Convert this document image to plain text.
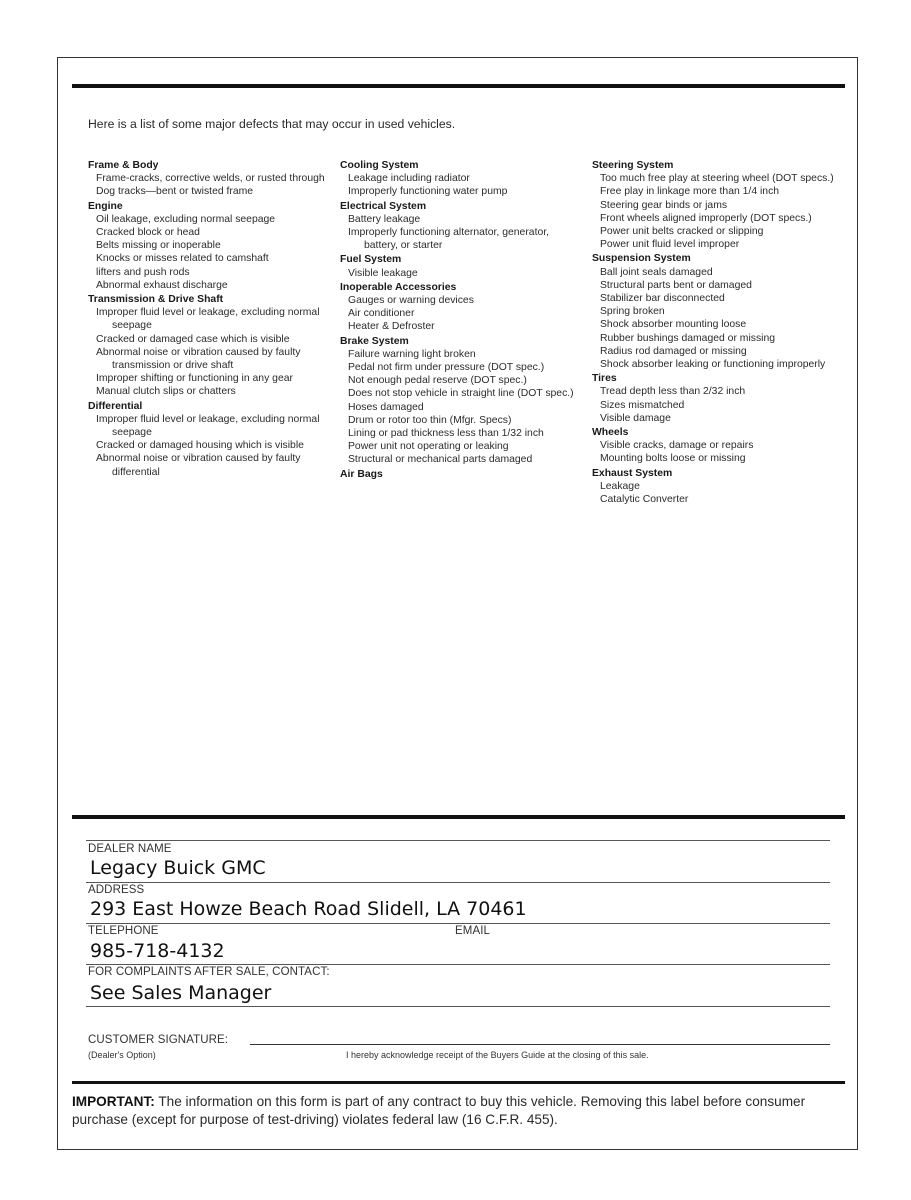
Here is a list of some major defects that may occur in used vehicles.
Frame & Body
Frame-cracks, corrective welds, or rusted through
Dog tracks—bent or twisted frame
Engine
Oil leakage, excluding normal seepage
Cracked block or head
Belts missing or inoperable
Knocks or misses related to camshaft
lifters and push rods
Abnormal exhaust discharge
Transmission & Drive Shaft
Improper fluid level or leakage, excluding normal seepage
Cracked or damaged case which is visible
Abnormal noise or vibration caused by faulty transmission or drive shaft
Improper shifting or functioning in any gear
Manual clutch slips or chatters
Differential
Improper fluid level or leakage, excluding normal seepage
Cracked or damaged housing which is visible
Abnormal noise or vibration caused by faulty differential
Cooling System
Leakage including radiator
Improperly functioning water pump
Electrical System
Battery leakage
Improperly functioning alternator, generator, battery, or starter
Fuel System
Visible leakage
Inoperable Accessories
Gauges or warning devices
Air conditioner
Heater & Defroster
Brake System
Failure warning light broken
Pedal not firm under pressure (DOT spec.)
Not enough pedal reserve (DOT spec.)
Does not stop vehicle in straight line (DOT spec.)
Hoses damaged
Drum or rotor too thin (Mfgr. Specs)
Lining or pad thickness less than 1/32 inch
Power unit not operating or leaking
Structural or mechanical parts damaged
Air Bags
Steering System
Too much free play at steering wheel (DOT specs.)
Free play in linkage more than 1/4 inch
Steering gear binds or jams
Front wheels aligned improperly (DOT specs.)
Power unit belts cracked or slipping
Power unit fluid level improper
Suspension System
Ball joint seals damaged
Structural parts bent or damaged
Stabilizer bar disconnected
Spring broken
Shock absorber mounting loose
Rubber bushings damaged or missing
Radius rod damaged or missing
Shock absorber leaking or functioning improperly
Tires
Tread depth less than 2/32 inch
Sizes mismatched
Visible damage
Wheels
Visible cracks, damage or repairs
Mounting bolts loose or missing
Exhaust System
Leakage
Catalytic Converter
DEALER NAME
Legacy Buick GMC
ADDRESS
293 East Howze Beach Road Slidell, LA 70461
TELEPHONE	EMAIL
985-718-4132
FOR COMPLAINTS AFTER SALE, CONTACT:
See Sales Manager
CUSTOMER SIGNATURE:
(Dealer's Option)	I hereby acknowledge receipt of the Buyers Guide at the closing of this sale.
IMPORTANT: The information on this form is part of any contract to buy this vehicle. Removing this label before consumer purchase (except for purpose of test-driving) violates federal law (16 C.F.R. 455).
